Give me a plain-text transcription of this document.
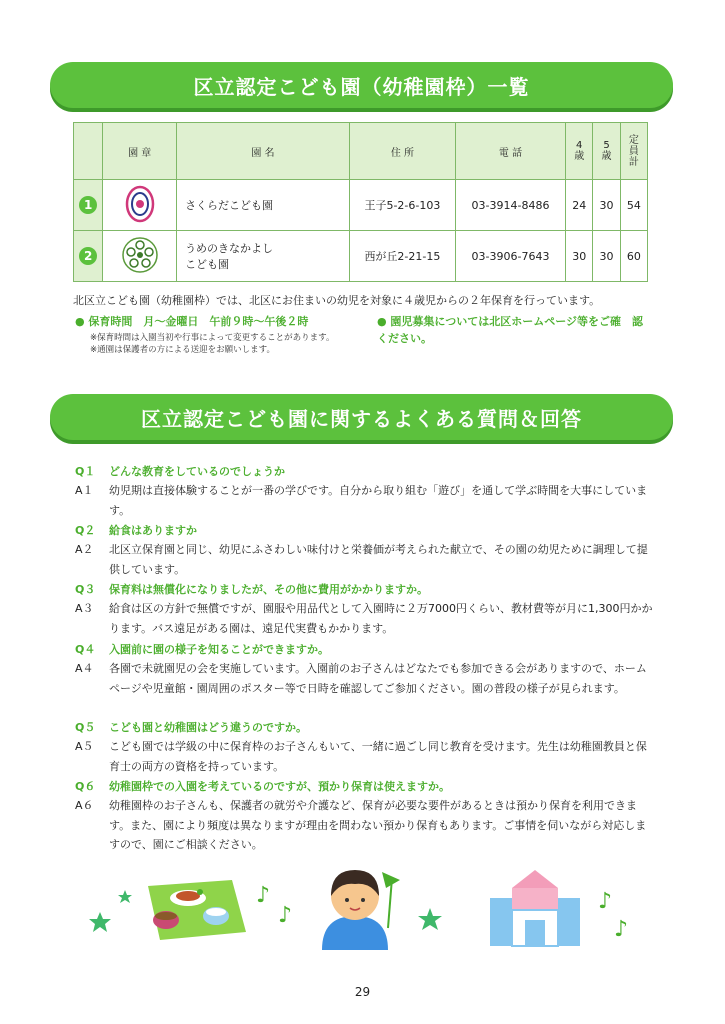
区立認定こども園（幼稚園枠）一覧
	園 章	園 名	住 所	電 話	4歳	5歳	定員計
1		さくらだこども園	王子5-2-6-103	03-3914-8486	24	30	54
2		うめのきなかよし
こども園	西が丘2-21-15	03-3906-7643	30	30	60
北区立こども園（幼稚園枠）では、北区にお住まいの幼児を対象に４歳児からの２年保育を行っています。
● 保育時間　月～金曜日　午前９時～午後２時
※保育時間は入園当初や行事によって変更することがあります。
※通園は保護者の方による送迎をお願いします。
● 園児募集については北区ホームページ等をご確　認ください。
区立認定こども園に関するよくある質問＆回答
Q１	どんな教育をしているのでしょうか
A１	幼児期は直接体験することが一番の学びです。自分から取り組む「遊び」を通して学ぶ時間を大事にしています。
Q２	給食はありますか
A２	北区立保育園と同じ、幼児にふさわしい味付けと栄養価が考えられた献立で、その園の幼児ために調理して提供しています。
Q３	保育料は無償化になりましたが、その他に費用がかかりますか。
A３	給食は区の方針で無償ですが、園服や用品代として入園時に２万7000円くらい、教材費等が月に1,300円かかります。バス遠足がある園は、遠足代実費もかかります。
Q４	入園前に園の様子を知ることができますか。
A４	各園で未就園児の会を実施しています。入園前のお子さんはどなたでも参加できる会がありますので、ホームページや児童館・園周囲のポスター等で日時を確認してご参加ください。園の普段の様子が見られます。
Q５	こども園と幼稚園はどう違うのですか。
A５	こども園では学級の中に保育枠のお子さんもいて、一緒に過ごし同じ教育を受けます。先生は幼稚園教員と保育士の両方の資格を持っています。
Q６	幼稚園枠での入園を考えているのですが、預かり保育は使えますか。
A６	幼稚園枠のお子さんも、保護者の就労や介護など、保育が必要な要件があるときは預かり保育を利用できます。また、園により頻度は異なりますが理由を問わない預かり保育もあります。ご事情を伺いながら対応しますので、園にご相談ください。
♪
♪
♪
♪
29
